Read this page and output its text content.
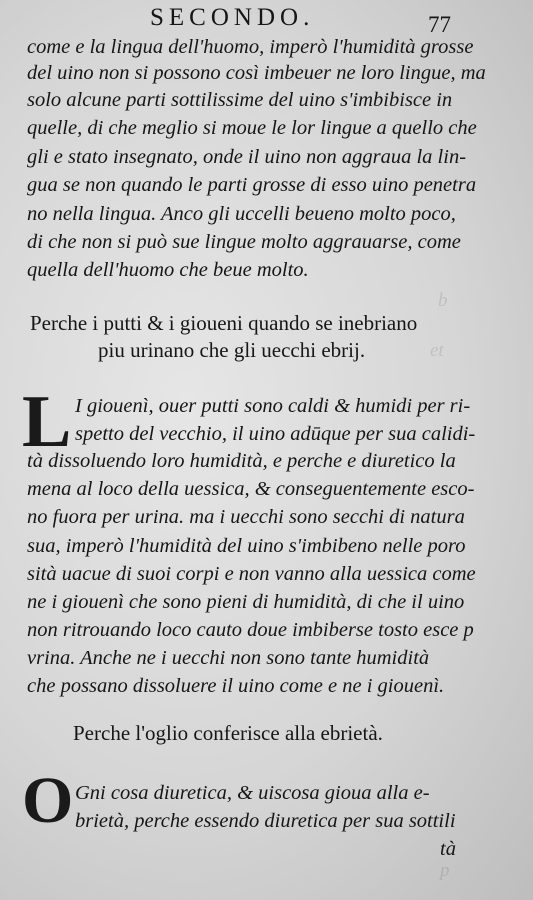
b
et
p
SECONDO.	77
come e la lingua dell'huomo, imperò l'humidità grosse
del uino non si possono così imbeuer ne loro lingue, ma
solo alcune parti sottilissime del uino s'imbibisce in
quelle, di che meglio si moue le lor lingue a quello che
gli e stato insegnato, onde il uino non aggraua la lin-
gua se non quando le parti grosse di esso uino penetra
no nella lingua. Anco gli uccelli beueno molto poco,
di che non si può sue lingue molto aggrauarse, come
quella dell'huomo che beue molto.
Perche i putti & i gioueni quando se inebriano
piu urinano che gli uecchi ebrij.
L I giouenì, ouer putti sono caldi & humidi per ri-
spetto del vecchio, il uino adūque per sua calidi-
tà dissoluendo loro humidità, e perche e diuretico la
mena al loco della uessica, & conseguentemente esco-
no fuora per urina. ma i uecchi sono secchi di natura
sua, imperò l'humidità del uino s'imbibeno nelle poro
sità uacue di suoi corpi e non vanno alla uessica come
ne i giouenì che sono pieni di humidità, di che il uino
non ritrouando loco cauto doue imbiberse tosto esce p
vrina. Anche ne i uecchi non sono tante humidità
che possano dissoluere il uino come e ne i giouenì.
Perche l'oglio conferisce alla ebrietà.
O Gni cosa diuretica, & uiscosa gioua alla e-
brietà, perche essendo diuretica per sua sottili
tà
